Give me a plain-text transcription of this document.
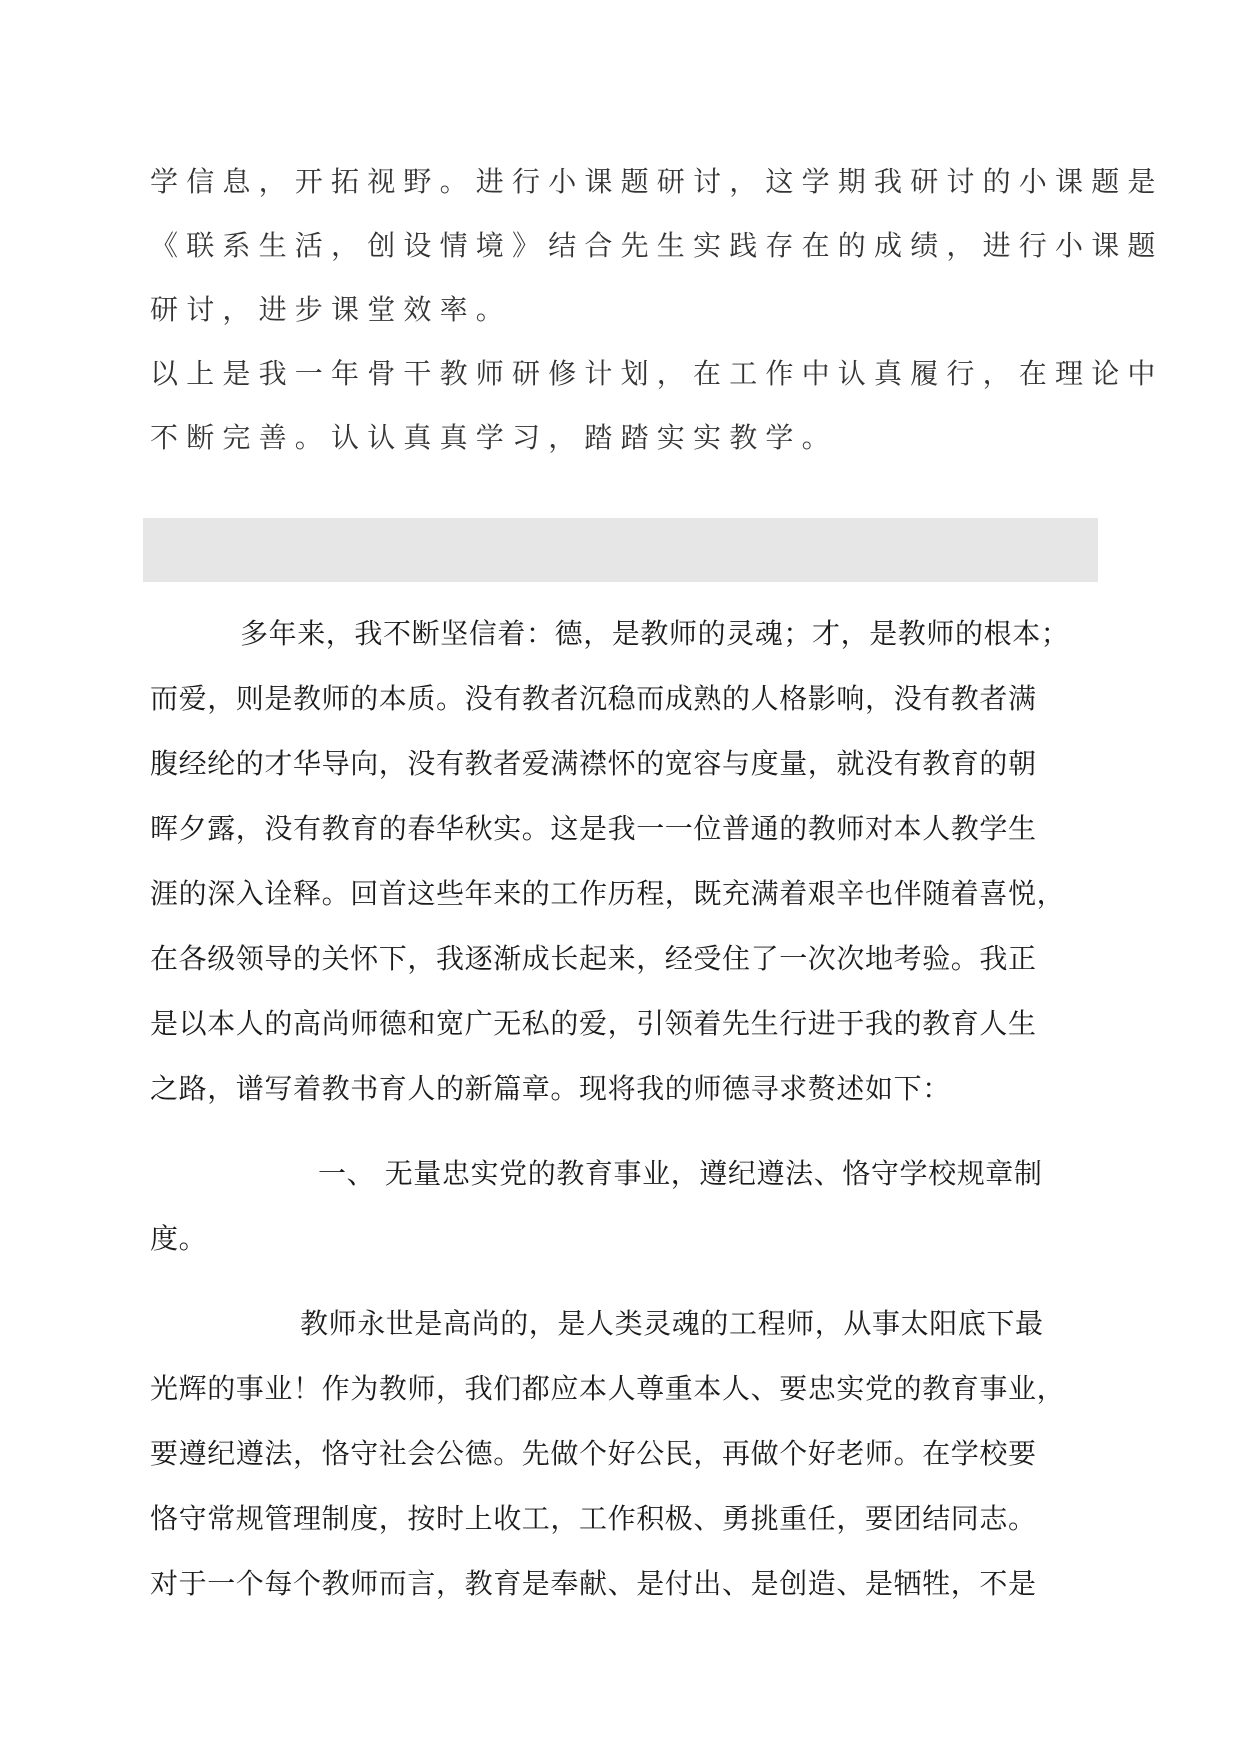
学信息，开拓视野。进行小课题研讨，这学期我研讨的小课题是
《联系生活，创设情境》结合先生实践存在的成绩，进行小课题
研讨，进步课堂效率。
以上是我一年骨干教师研修计划，在工作中认真履行，在理论中
不断完善。认认真真学习，踏踏实实教学。
多年来，我不断坚信着：德，是教师的灵魂；才，是教师的根本；
而爱，则是教师的本质。没有教者沉稳而成熟的人格影响，没有教者满
腹经纶的才华导向，没有教者爱满襟怀的宽容与度量，就没有教育的朝
晖夕露，没有教育的春华秋实。这是我一一位普通的教师对本人教学生
涯的深入诠释。回首这些年来的工作历程，既充满着艰辛也伴随着喜悦，
在各级领导的关怀下，我逐渐成长起来，经受住了一次次地考验。我正
是以本人的高尚师德和宽广无私的爱，引领着先生行进于我的教育人生
之路，谱写着教书育人的新篇章。现将我的师德寻求赘述如下：
一、 无量忠实党的教育事业，遵纪遵法、恪守学校规章制
度。
教师永世是高尚的，是人类灵魂的工程师，从事太阳底下最
光辉的事业！作为教师，我们都应本人尊重本人、要忠实党的教育事业，
要遵纪遵法，恪守社会公德。先做个好公民，再做个好老师。在学校要
恪守常规管理制度，按时上收工，工作积极、勇挑重任，要团结同志。
对于一个每个教师而言，教育是奉献、是付出、是创造、是牺牲，不是
